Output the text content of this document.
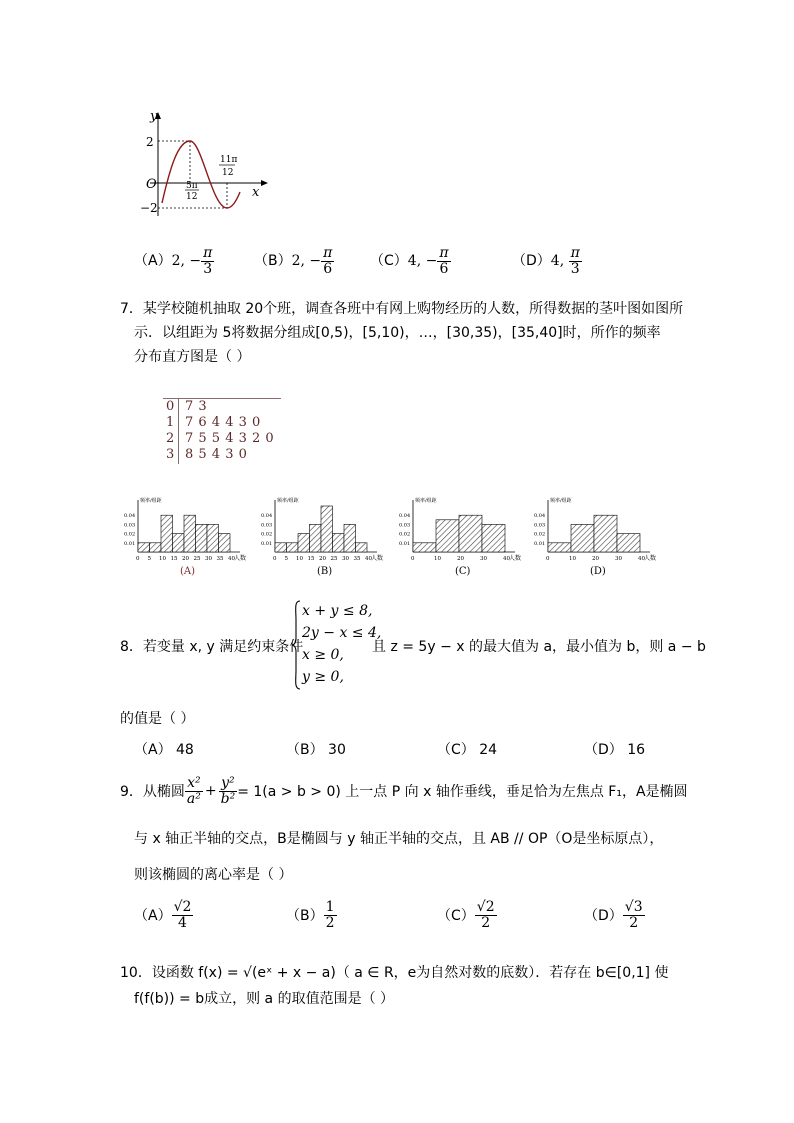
y
x
O
2
−2
5π
12
11π
12
（A）2, − $\frac{\pi}{3}$	（B）2, − $\frac{\pi}{6}$	（C）4, − $\frac{\pi}{6}$	（D）4, $\frac{\pi}{3}$
7．某学校随机抽取 20个班，调查各班中有网上购物经历的人数，所得数据的茎叶图如图所
示．以组距为 5将数据分组成[0,5)，[5,10)，…，[30,35)，[35,40]时，所作的频率
分布直方图是（ ）
0 7 3
1 7 6 4 4 3 0
2 7 5 5 4 3 2 0
3 8 5 4 3 0
频率/组距
0.04
0.03
0.02
0.01
0 5 10 15 20 25 30 35 40 人数
(A)
频率/组距
0.04
0.03
0.02
0.01
0 5 10 15 20 25 30 35 40 人数
(B)
频率/组距
0.04
0.03
0.02
0.01
0	10	20	30	40 人数
(C)
频率/组距
0.04
0.03
0.02
0.01
0	10	20	30	40 人数
(D)
8．若变量 x, y 满足约束条件
x + y ≤ 8,
2y − x ≤ 4,
x ≥ 0,
y ≥ 0,
且 z = 5y − x 的最大值为 a，最小值为 b，则 a − b
的值是（ ）
（A） 48	（B） 30	（C） 24	（D） 16
9．从椭圆 $\frac{\text{x²}}{\text{a²}} + \frac{\text{y²}}{\text{b²}} = 1(a > b > 0)$ 上一点 P 向 x 轴作垂线，垂足恰为左焦点 F₁，A是椭圆
与 x 轴正半轴的交点，B是椭圆与 y 轴正半轴的交点，且 AB // OP（O是坐标原点），
则该椭圆的离心率是（ ）
$(A) \frac{√2}{4}$	$(B) \frac{1}{2}$	$(C) \frac{√2}{2}$	$(D) \frac{√3}{2}$
10．设函数 f(x) = √(eˣ + x − a)（ a ∈ R，e为自然对数的底数）．若存在 b∈[0,1] 使
f(f(b)) = b成立，则 a 的取值范围是（ ）
